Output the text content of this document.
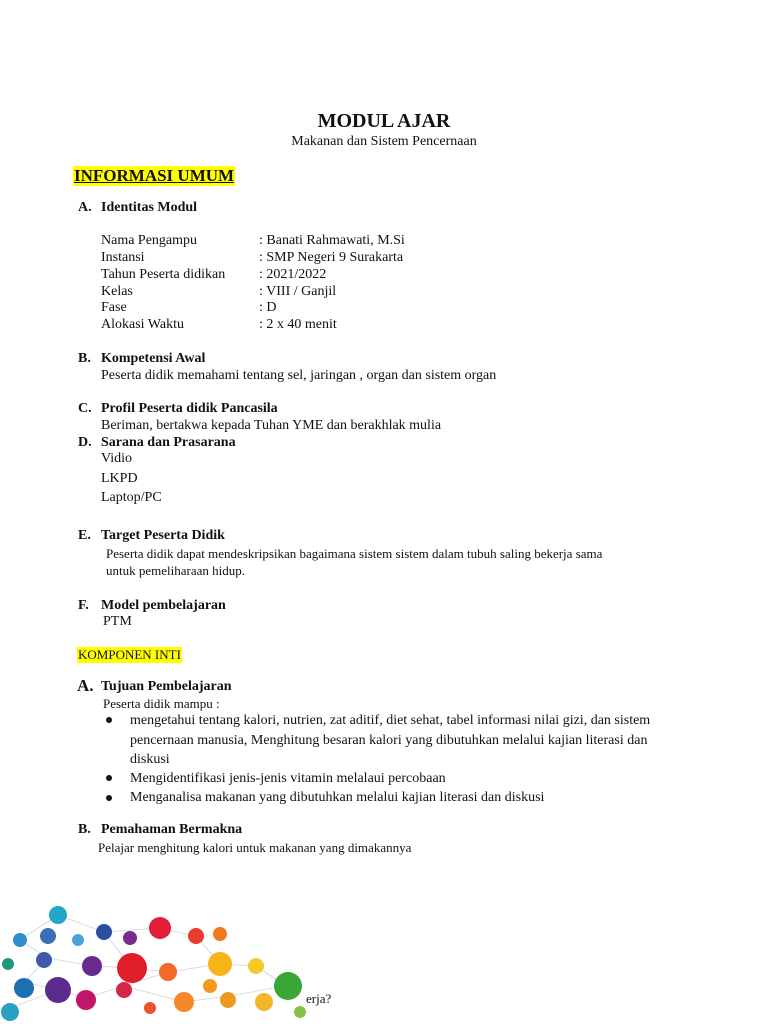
MODUL AJAR
Makanan dan Sistem Pencernaan
INFORMASI UMUM
A. Identitas Modul
Nama Pengampu	: Banati Rahmawati, M.Si
Instansi	: SMP Negeri 9 Surakarta
Tahun Peserta didikan : 2021/2022
Kelas	: VIII / Ganjil
Fase	: D
Alokasi Waktu	: 2 x 40 menit
B. Kompetensi Awal
Peserta didik memahami tentang sel, jaringan , organ dan sistem organ
C. Profil Peserta didik Pancasila
Beriman, bertakwa kepada Tuhan YME dan berakhlak mulia
D. Sarana dan Prasarana
Vidio
LKPD
Laptop/PC
E. Target Peserta Didik
Peserta didik dapat mendeskripsikan bagaimana sistem sistem dalam tubuh saling bekerja sama
untuk pemeliharaan hidup.
F. Model pembelajaran
PTM
KOMPONEN INTI
A. Tujuan Pembelajaran
Peserta didik mampu :
mengetahui tentang kalori, nutrien, zat aditif, diet sehat, tabel informasi nilai gizi, dan sistem
pencernaan manusia, Menghitung besaran kalori yang dibutuhkan melalui kajian literasi dan
diskusi
Mengidentifikasi jenis-jenis vitamin melalaui percobaan
Menganalisa makanan yang dibutuhkan melalui kajian literasi dan diskusi
B. Pemahaman Bermakna
Pelajar menghitung kalori untuk makanan yang dimakannya
erja?
